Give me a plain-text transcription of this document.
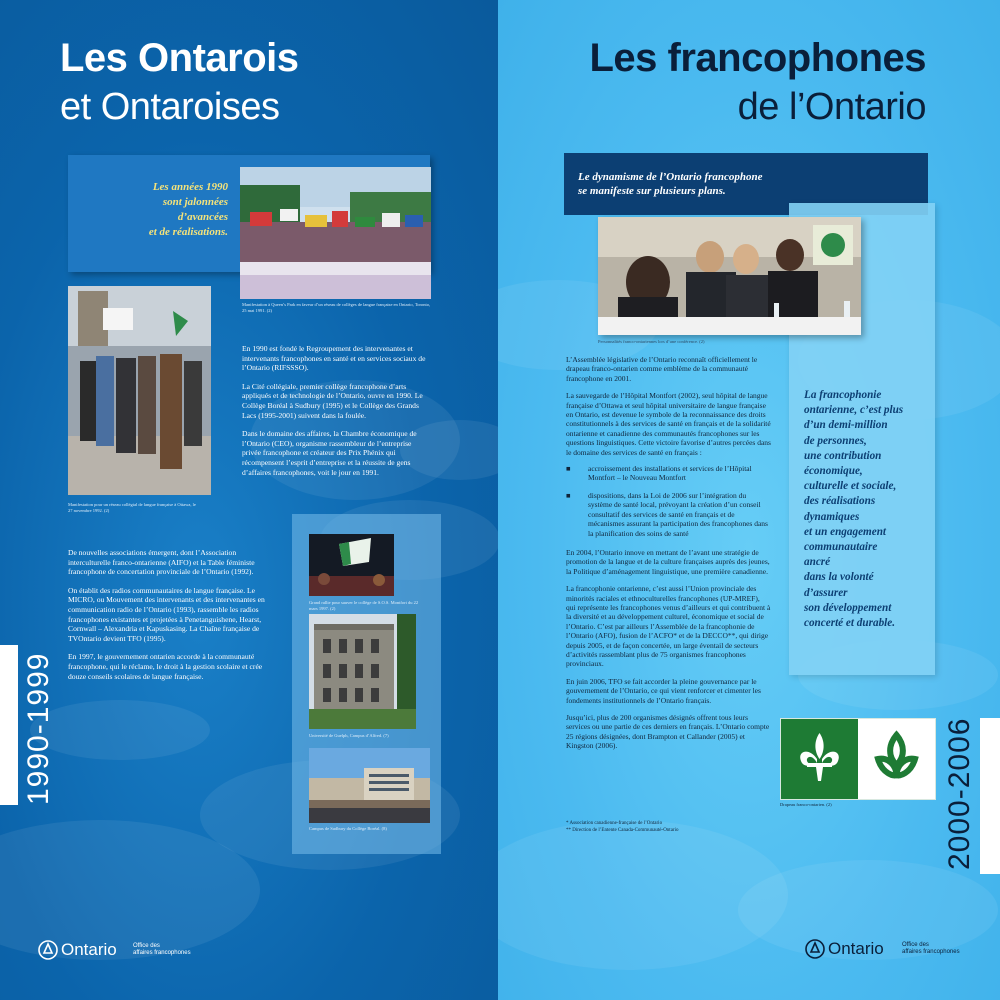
Les Ontarois
et Ontaroises
Les années 1990
sont jalonnées
d’avancées
et de réalisations.
Manifestation à Queen’s Park en faveur d’un réseau de collèges de langue française en Ontario, Toronto, 25 mai 1991. (2)
Manifestation pour un réseau collégial de langue française à Ottawa, le 27 novembre 1992. (2)

En 1990 est fondé le Regroupement des intervenantes et intervenants francophones en santé et en services sociaux de l’Ontario (RIFSSSO).

La Cité collégiale, premier collège francophone d’arts appliqués et de technologie de l’Ontario, ouvre en 1990. Le Collège Boréal à Sudbury (1995) et le Collège des Grands Lacs (1995-2001) suivent dans la foulée.

Dans le domaine des affaires, la Chambre économique de l’Ontario (CEO), organisme rassembleur de l’entreprise privée francophone et créateur des Prix Phénix qui récompensent l’esprit d’entreprise et la réussite de gens d’affaires francophones, voit le jour en 1991.

De nouvelles associations émergent, dont l’Association interculturelle franco-ontarienne (AIFO) et la Table féministe francophone de concertation provinciale de l’Ontario (1992).

On établit des radios communautaires de langue française. Le MICRO, ou Mouvement des intervenants et des intervenantes en communication radio de l’Ontario (1993), rassemble les radios francophones existantes et projetées à Penetanguishene, Hearst, Cornwall – Alexandria et Kapuskasing. La Chaîne française de TVOntario devient TFO (1995).

En 1997, le gouvernement ontarien accorde à la communauté francophone, qui le réclame, le droit à la gestion scolaire et crée douze conseils scolaires de langue française.

Grand rallie pour sauver le collège de S.O.S. Montfort du 22 mars 1997. (2)
Université de Guelph, Campus d’Alfred. (7)
Campus de Sudbury du Collège Boréal. (8)
1990-1999
Ontario	Office des
affaires francophones
Les francophones
de l’Ontario
Le dynamisme de l’Ontario francophone
se manifeste sur plusieurs plans.
Personnalités franco-ontariennes lors d’une conférence. (2)

L’Assemblée législative de l’Ontario reconnaît officiellement le drapeau franco-ontarien comme emblème de la communauté francophone en 2001.

La sauvegarde de l’Hôpital Montfort (2002), seul hôpital de langue française d’Ottawa et seul hôpital universitaire de langue française en Ontario, est devenue le symbole de la reconnaissance des droits constitutionnels à des services de santé en français et de la solidarité ontarienne et canadienne des communautés francophones sur les questions linguistiques. Cette victoire favorise d’autres percées dans le domaine des services de santé en français :

■	accroissement des installations et services de l’Hôpital Montfort – le Nouveau Montfort
■	dispositions, dans la Loi de 2006 sur l’intégration du système de santé local, prévoyant la création d’un conseil consultatif des services de santé en français et de mécanismes assurant la participation des francophones dans la planification des soins de santé

En 2004, l’Ontario innove en mettant de l’avant une stratégie de promotion de la langue et de la culture françaises auprès des jeunes, la Politique d’aménagement linguistique, une première canadienne.

La francophonie ontarienne, c’est aussi l’Union provinciale des minorités raciales et ethnoculturelles francophones (UP-MREF), qui représente les francophones venus d’ailleurs et qui contribuent à la diversité et au développement culturel, économique et social de l’Ontario. C’est par ailleurs l’Assemblée de la francophonie de l’Ontario (AFO), fusion de l’ACFO* et de la DECCO**, qui dirige depuis 2005, et de façon concertée, un large éventail de secteurs d’activités rassemblant plus de 75 organismes francophones provinciaux.

En juin 2006, TFO se fait accorder la pleine gouvernance par le gouvernement de l’Ontario, ce qui vient renforcer et cimenter les fondements institutionnels de l’Ontario français.

Jusqu’ici, plus de 200 organismes désignés offrent tous leurs services ou une partie de ces derniers en français. L’Ontario compte 25 régions désignées, dont Brampton et Callander (2005) et Kingston (2006).

* Association canadienne-française de l’Ontario
** Direction de l’Entente Canada-Communauté-Ontario
La francophonie
ontarienne, c’est plus
d’un demi-million
de personnes,
une contribution
économique,
culturelle et sociale,
des réalisations
dynamiques
et un engagement
communautaire
ancré
dans la volonté
d’assurer
son développement
concerté et durable.
Drapeau franco-ontarien. (2)	2000-2006
Ontario	Office des
affaires francophones
